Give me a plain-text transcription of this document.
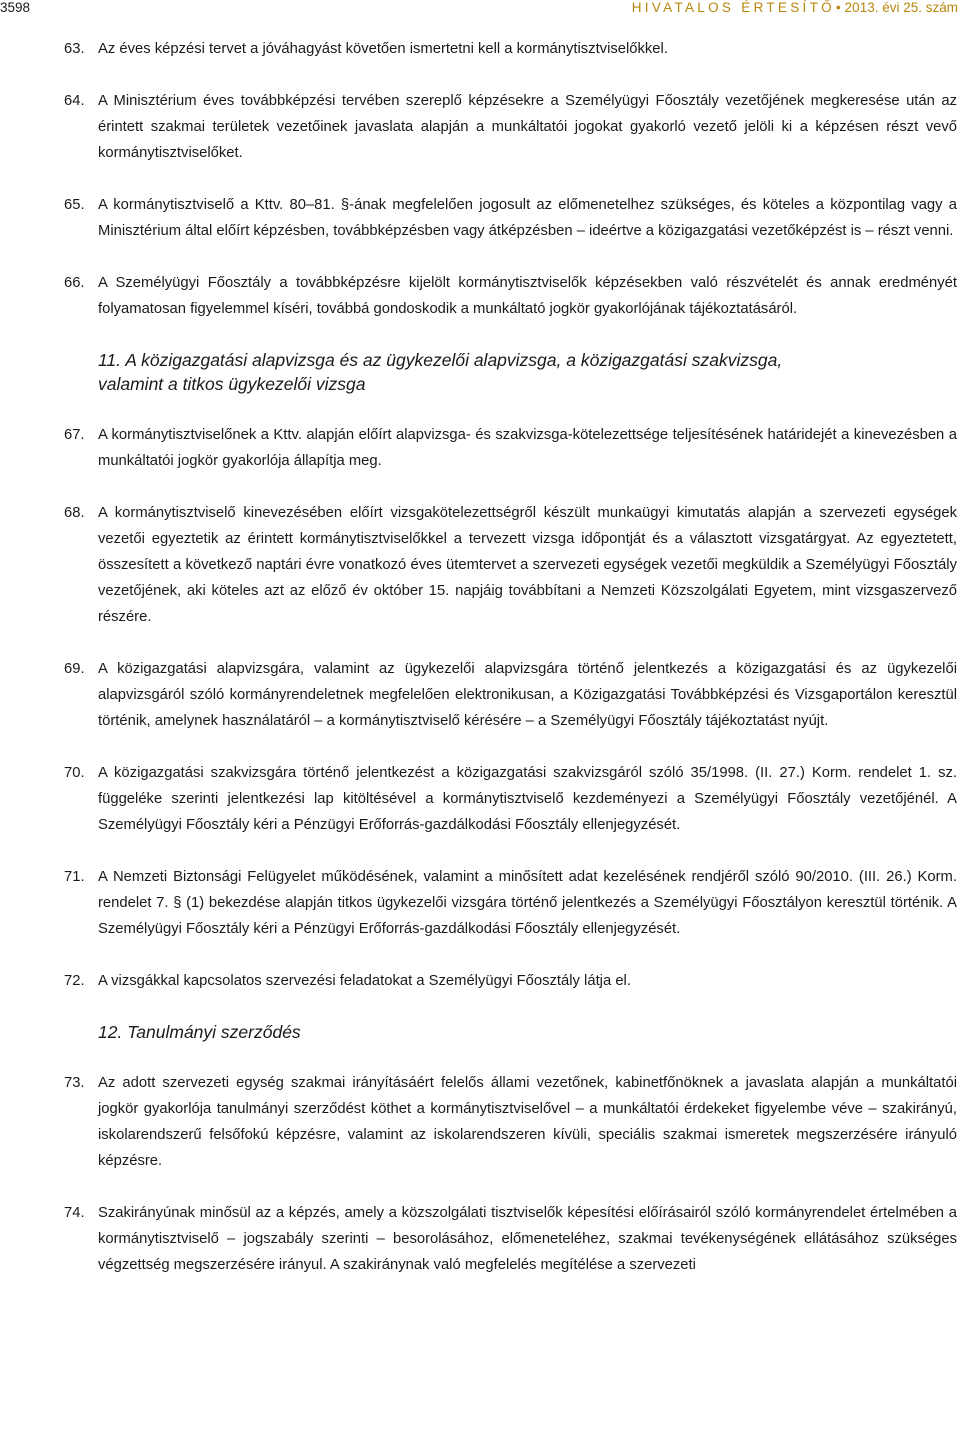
3598	HIVATALOS ÉRTESÍTŐ• 2013. évi 25. szám
63. Az éves képzési tervet a jóváhagyást követően ismertetni kell a kormánytisztviselőkkel.
64. A Minisztérium éves továbbképzési tervében szereplő képzésekre a Személyügyi Főosztály vezetőjének megkeresése után az érintett szakmai területek vezetőinek javaslata alapján a munkáltatói jogokat gyakorló vezető jelöli ki a képzésen részt vevő kormánytisztviselőket.
65. A kormánytisztviselő a Kttv. 80–81. §-ának megfelelően jogosult az előmenetelhez szükséges, és köteles a központilag vagy a Minisztérium által előírt képzésben, továbbképzésben vagy átképzésben – ideértve a közigazgatási vezetőképzést is – részt venni.
66. A Személyügyi Főosztály a továbbképzésre kijelölt kormánytisztviselők képzésekben való részvételét és annak eredményét folyamatosan figyelemmel kíséri, továbbá gondoskodik a munkáltató jogkör gyakorlójának tájékoztatásáról.
11. A közigazgatási alapvizsga és az ügykezelői alapvizsga, a közigazgatási szakvizsga,
valamint a titkos ügykezelői vizsga
67. A kormánytisztviselőnek a Kttv. alapján előírt alapvizsga- és szakvizsga-kötelezettsége teljesítésének határidejét a kinevezésben a munkáltatói jogkör gyakorlója állapítja meg.
68. A kormánytisztviselő kinevezésében előírt vizsgakötelezettségről készült munkaügyi kimutatás alapján a szervezeti egységek vezetői egyeztetik az érintett kormánytisztviselőkkel a tervezett vizsga időpontját és a választott vizsgatárgyat. Az egyeztetett, összesített a következő naptári évre vonatkozó éves ütemtervet a szervezeti egységek vezetői megküldik a Személyügyi Főosztály vezetőjének, aki köteles azt az előző év október 15. napjáig továbbítani a Nemzeti Közszolgálati Egyetem, mint vizsgaszervező részére.
69. A közigazgatási alapvizsgára, valamint az ügykezelői alapvizsgára történő jelentkezés a közigazgatási és az ügykezelői alapvizsgáról szóló kormányrendeletnek megfelelően elektronikusan, a Közigazgatási Továbbképzési és Vizsgaportálon keresztül történik, amelynek használatáról – a kormánytisztviselő kérésére – a Személyügyi Főosztály tájékoztatást nyújt.
70. A közigazgatási szakvizsgára történő jelentkezést a közigazgatási szakvizsgáról szóló 35/1998. (II. 27.) Korm. rendelet 1. sz. függeléke szerinti jelentkezési lap kitöltésével a kormánytisztviselő kezdeményezi a Személyügyi Főosztály vezetőjénél. A Személyügyi Főosztály kéri a Pénzügyi Erőforrás-gazdálkodási Főosztály ellenjegyzését.
71. A Nemzeti Biztonsági Felügyelet működésének, valamint a minősített adat kezelésének rendjéről szóló 90/2010. (III. 26.) Korm. rendelet 7. § (1) bekezdése alapján titkos ügykezelői vizsgára történő jelentkezés a Személyügyi Főosztályon keresztül történik. A Személyügyi Főosztály kéri a Pénzügyi Erőforrás-gazdálkodási Főosztály ellenjegyzését.
72. A vizsgákkal kapcsolatos szervezési feladatokat a Személyügyi Főosztály látja el.
12. Tanulmányi szerződés
73. Az adott szervezeti egység szakmai irányításáért felelős állami vezetőnek, kabinetfőnöknek a javaslata alapján a munkáltatói jogkör gyakorlója tanulmányi szerződést köthet a kormánytisztviselővel – a munkáltatói érdekeket figyelembe véve – szakirányú, iskolarendszerű felsőfokú képzésre, valamint az iskolarendszeren kívüli, speciális szakmai ismeretek megszerzésére irányuló képzésre.
74. Szakirányúnak minősül az a képzés, amely a közszolgálati tisztviselők képesítési előírásairól szóló kormányrendelet értelmében a kormánytisztviselő – jogszabály szerinti – besorolásához, előmeneteléhez, szakmai tevékenységének ellátásához szükséges végzettség megszerzésére irányul. A szakiránynak való megfelelés megítélése a szervezeti
